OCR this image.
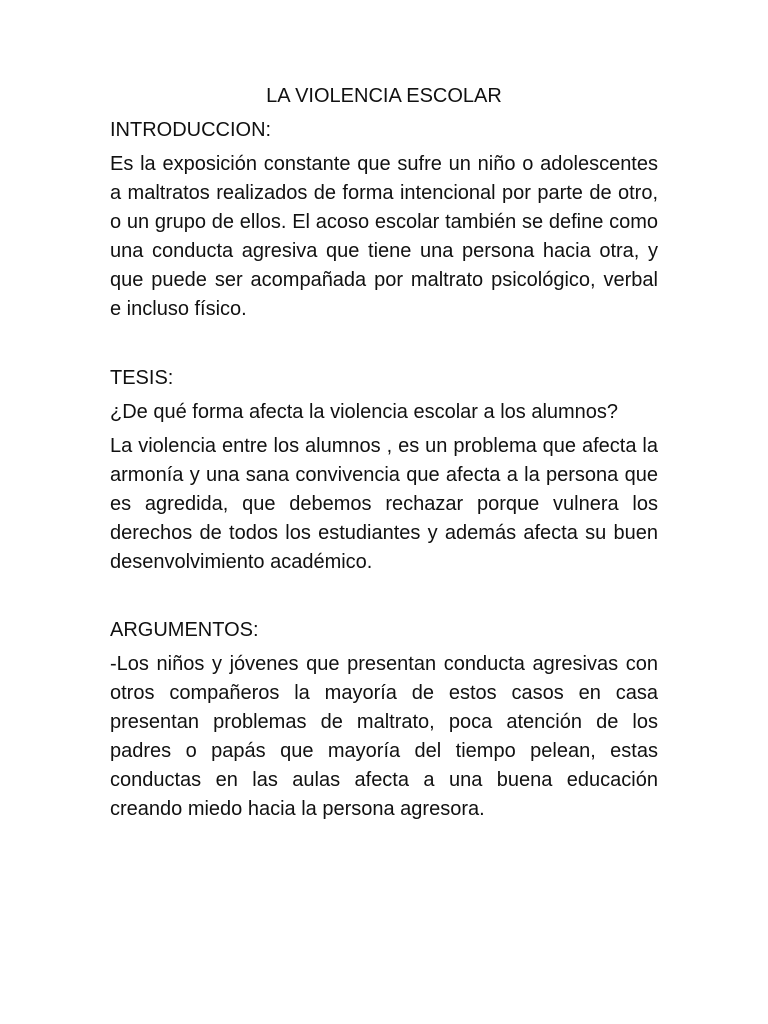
LA VIOLENCIA ESCOLAR
INTRODUCCION:
Es la exposición constante que sufre un niño o adolescentes a maltratos realizados de forma intencional por parte de otro, o un grupo de ellos. El acoso escolar también se define como una conducta agresiva que tiene una persona hacia otra, y que puede ser acompañada por maltrato psicológico, verbal e incluso físico.
TESIS:
¿De qué forma afecta la violencia escolar a los alumnos?
La violencia entre los alumnos , es un problema que afecta la armonía y una sana convivencia que afecta a la persona que es agredida, que debemos rechazar porque vulnera los derechos de todos los estudiantes y además afecta su buen desenvolvimiento académico.
ARGUMENTOS:
-Los niños y jóvenes que presentan conducta agresivas con otros compañeros la mayoría de estos casos en casa presentan problemas de maltrato, poca atención de los padres o papás que mayoría del tiempo pelean, estas conductas en las aulas afecta a una buena educación creando miedo hacia la persona agresora.
